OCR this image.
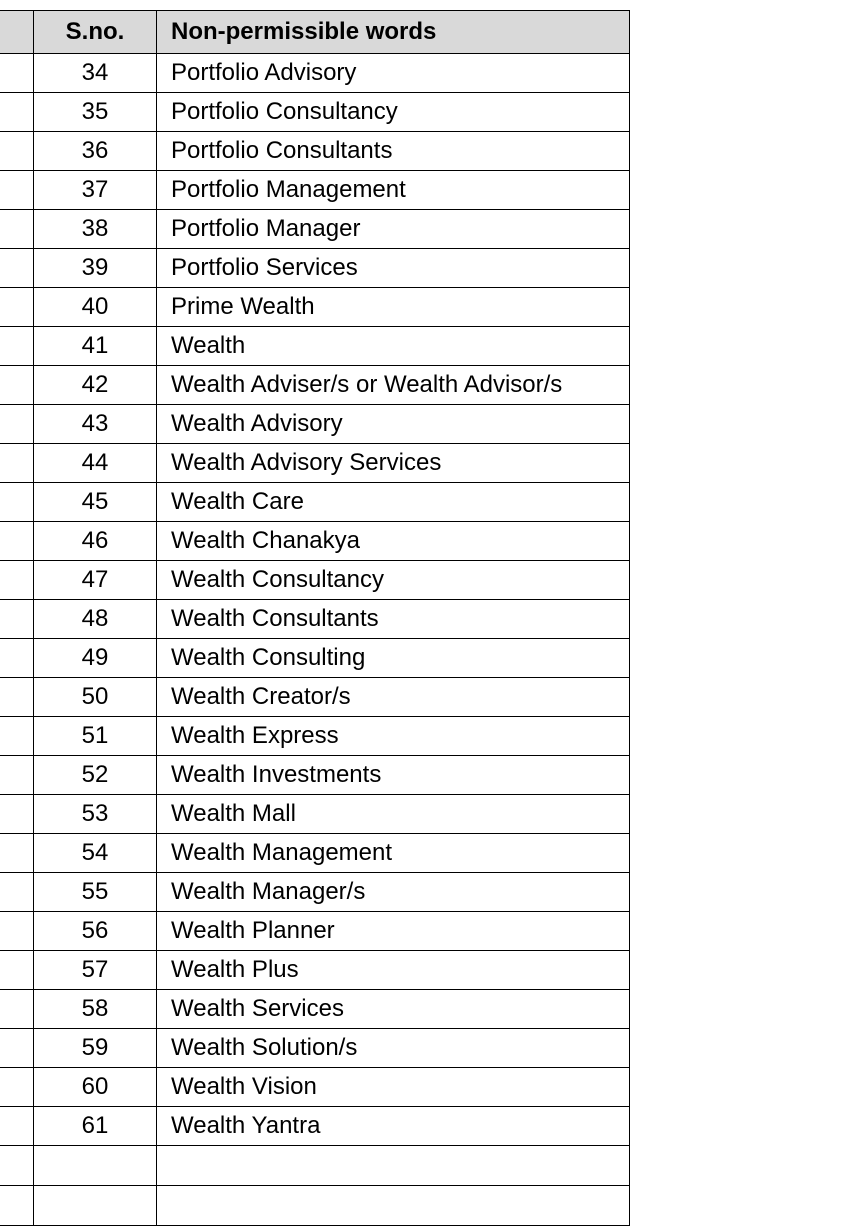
	S.no.	Non-permissible words
	34	Portfolio Advisory
	35	Portfolio Consultancy
	36	Portfolio Consultants
	37	Portfolio Management
	38	Portfolio Manager
	39	Portfolio Services
	40	Prime Wealth
	41	Wealth
	42	Wealth Adviser/s or Wealth Advisor/s
	43	Wealth Advisory
	44	Wealth Advisory Services
	45	Wealth Care
	46	Wealth Chanakya
	47	Wealth Consultancy
	48	Wealth Consultants
	49	Wealth Consulting
	50	Wealth Creator/s
	51	Wealth Express
	52	Wealth Investments
	53	Wealth Mall
	54	Wealth Management
	55	Wealth Manager/s
	56	Wealth Planner
	57	Wealth Plus
	58	Wealth Services
	59	Wealth Solution/s
	60	Wealth Vision
	61	Wealth Yantra
